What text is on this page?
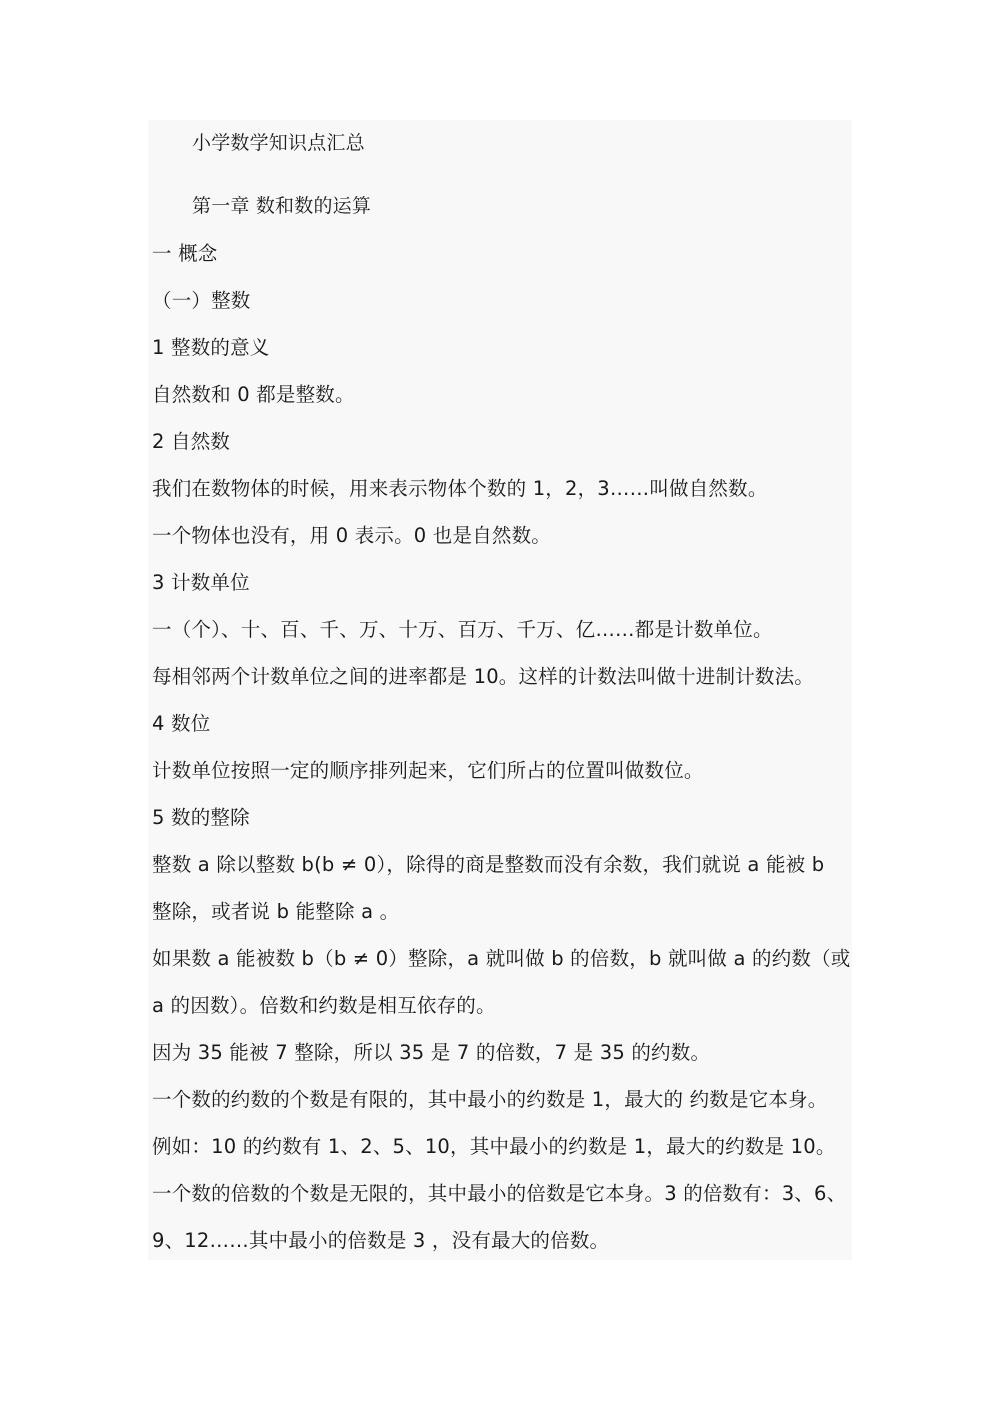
小学数学知识点汇总
第一章 数和数的运算
一 概念
（一）整数
1 整数的意义
自然数和 0 都是整数。
2 自然数
我们在数物体的时候，用来表示物体个数的 1，2，3……叫做自然数。
一个物体也没有，用 0 表示。0 也是自然数。
3 计数单位
一（个）、十、百、千、万、十万、百万、千万、亿……都是计数单位。
每相邻两个计数单位之间的进率都是 10。这样的计数法叫做十进制计数法。
4 数位
计数单位按照一定的顺序排列起来，它们所占的位置叫做数位。
5 数的整除
整数 a 除以整数 b(b ≠ 0），除得的商是整数而没有余数，我们就说 a 能被 b
整除，或者说 b 能整除 a 。
如果数 a 能被数 b（b ≠ 0）整除，a 就叫做 b 的倍数，b 就叫做 a 的约数（或
a 的因数）。倍数和约数是相互依存的。
因为 35 能被 7 整除，所以 35 是 7 的倍数，7 是 35 的约数。
一个数的约数的个数是有限的，其中最小的约数是 1，最大的 约数是它本身。
例如：10 的约数有 1、2、5、10，其中最小的约数是 1，最大的约数是 10。
一个数的倍数的个数是无限的，其中最小的倍数是它本身。3 的倍数有：3、6、
9、12……其中最小的倍数是 3 ，没有最大的倍数。
